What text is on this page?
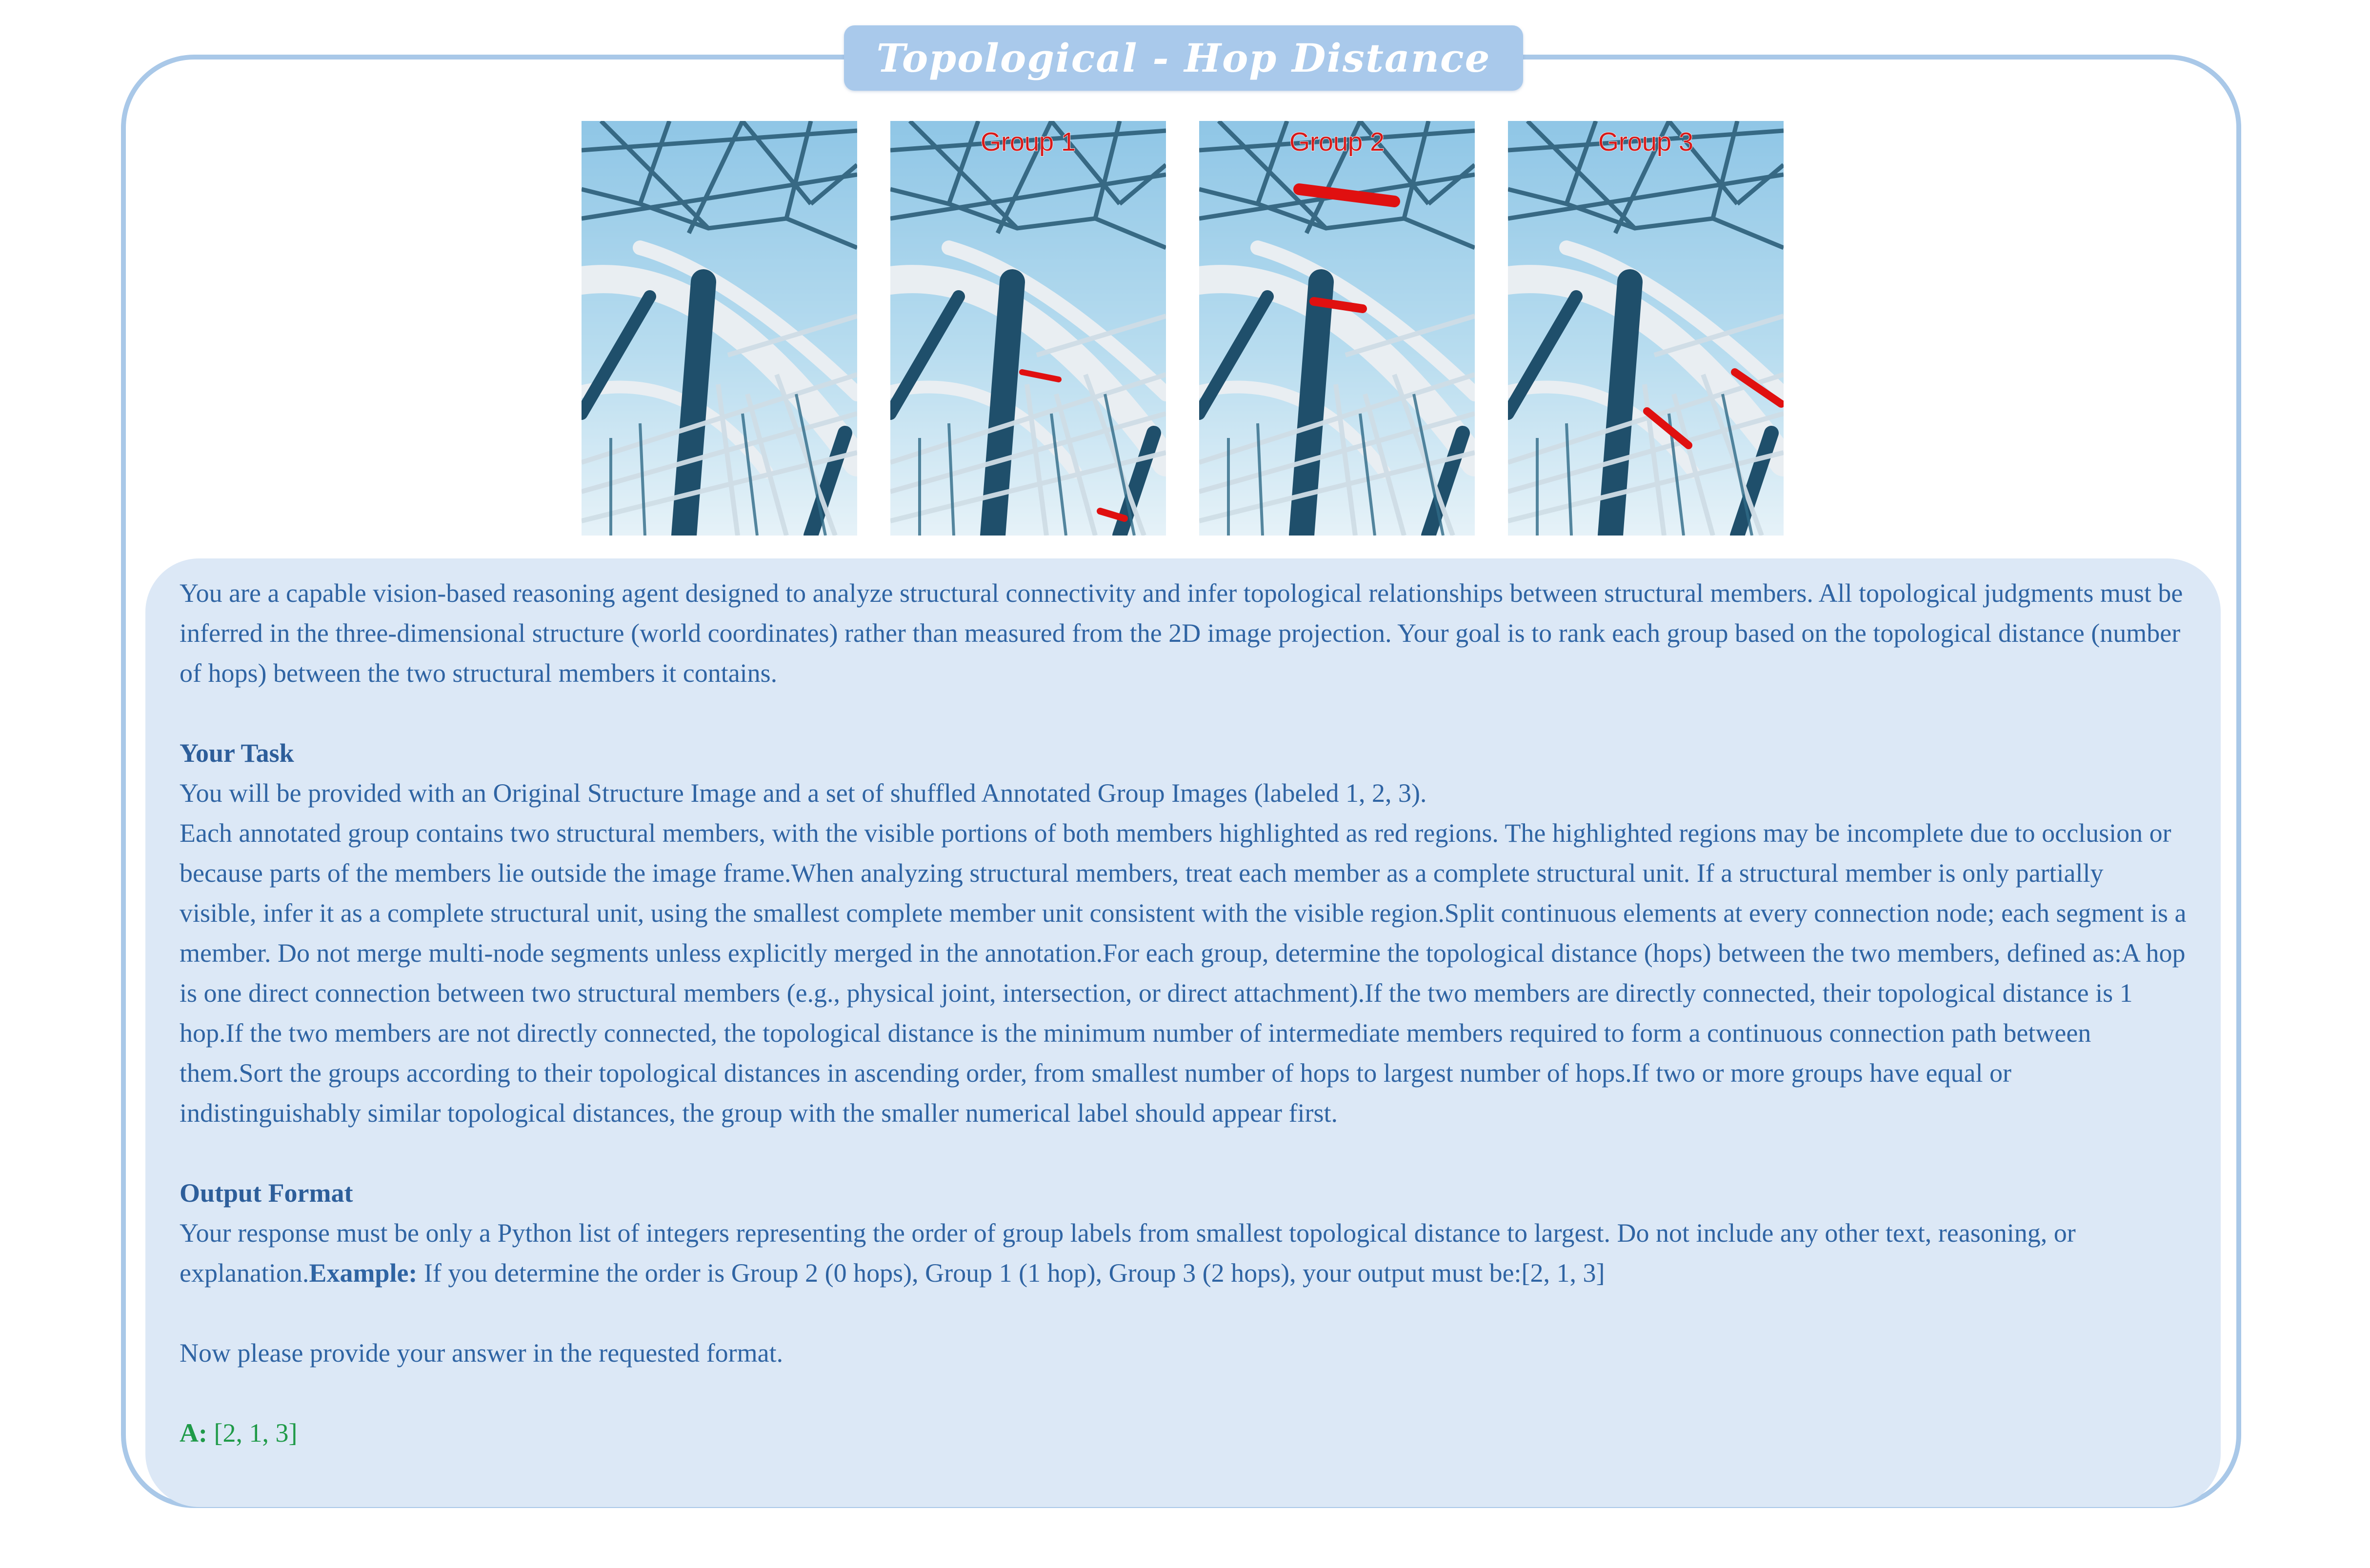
Topological - Hop Distance
Group 1	Group 2	Group 3

You are a capable vision-based reasoning agent designed to analyze structural connectivity and infer topological relationships between structural members. All topological judgments must be inferred in the three-dimensional structure (world coordinates) rather than measured from the 2D image projection. Your goal is to rank each group based on the topological distance (number of hops) between the two structural members it contains.

Your Task

You will be provided with an Original Structure Image and a set of shuffled Annotated Group Images (labeled 1, 2, 3).

Each annotated group contains two structural members, with the visible portions of both members highlighted as red regions. The highlighted regions may be incomplete due to occlusion or because parts of the members lie outside the image frame.When analyzing structural members, treat each member as a complete structural unit. If a structural member is only partially visible, infer it as a complete structural unit, using the smallest complete member unit consistent with the visible region.Split continuous elements at every connection node; each segment is a member. Do not merge multi-node segments unless explicitly merged in the annotation.For each group, determine the topological distance (hops) between the two members, defined as:A hop is one direct connection between two structural members (e.g., physical joint, intersection, or direct attachment).If the two members are directly connected, their topological distance is 1 hop.If the two members are not directly connected, the topological distance is the minimum number of intermediate members required to form a continuous connection path between them.Sort the groups according to their topological distances in ascending order, from smallest number of hops to largest number of hops.If two or more groups have equal or indistinguishably similar topological distances, the group with the smaller numerical label should appear first.

Output Format

Your response must be only a Python list of integers representing the order of group labels from smallest topological distance to largest. Do not include any other text, reasoning, or explanation.Example: If you determine the order is Group 2 (0 hops), Group 1 (1 hop), Group 3 (2 hops), your output must be:[2, 1, 3]

Now please provide your answer in the requested format.

A: [2, 1, 3]
